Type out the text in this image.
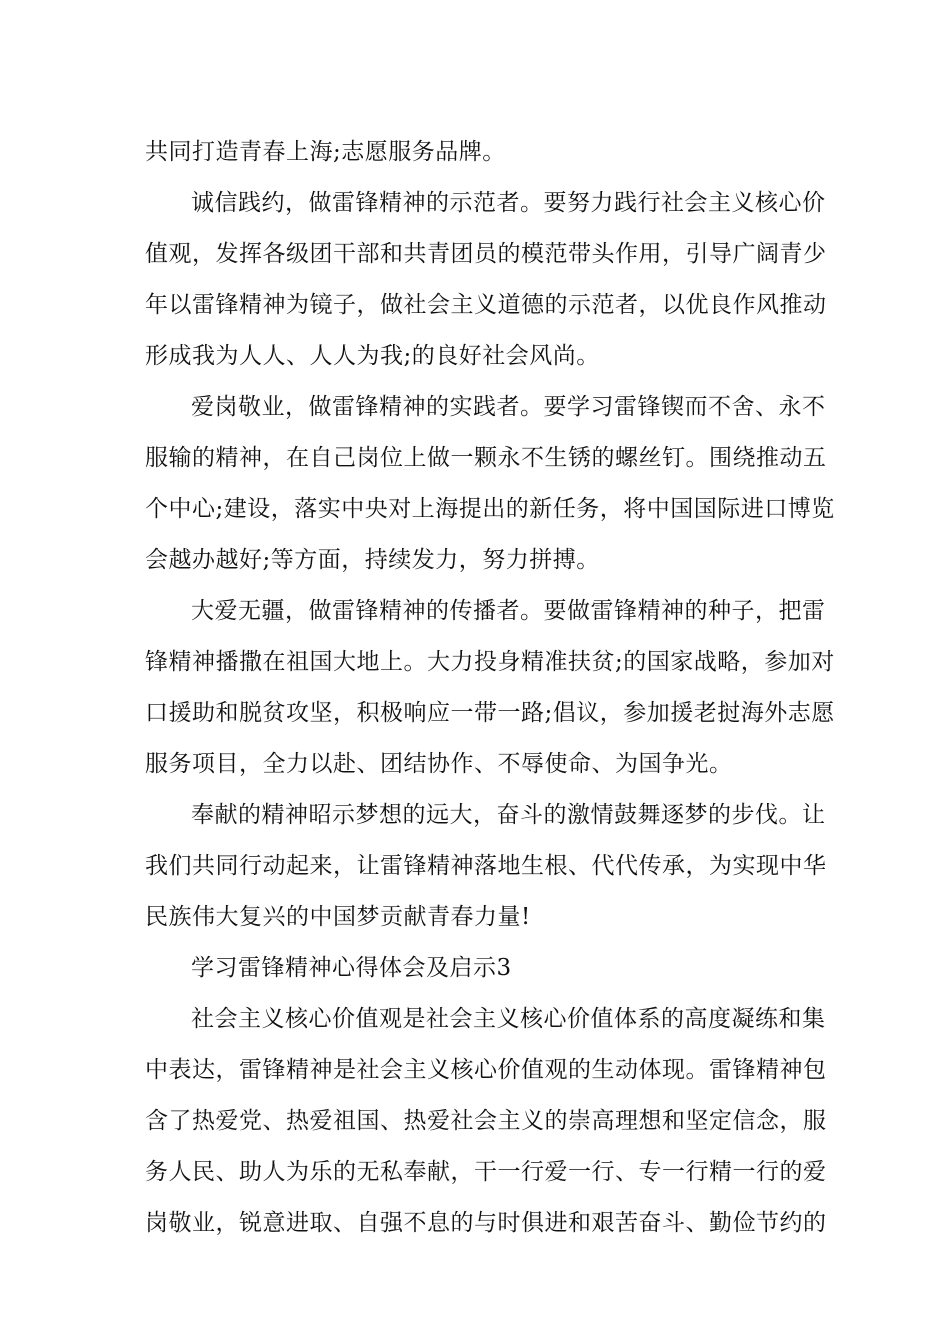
共同打造青春上海;志愿服务品牌。
诚信践约，做雷锋精神的示范者。要努力践行社会主义核心价
值观，发挥各级团干部和共青团员的模范带头作用，引导广阔青少
年以雷锋精神为镜子，做社会主义道德的示范者，以优良作风推动
形成我为人人、人人为我;的良好社会风尚。
爱岗敬业，做雷锋精神的实践者。要学习雷锋锲而不舍、永不
服输的精神，在自己岗位上做一颗永不生锈的螺丝钉。围绕推动五
个中心;建设，落实中央对上海提出的新任务，将中国国际进口博览
会越办越好;等方面，持续发力，努力拼搏。
大爱无疆，做雷锋精神的传播者。要做雷锋精神的种子，把雷
锋精神播撒在祖国大地上。大力投身精准扶贫;的国家战略，参加对
口援助和脱贫攻坚，积极响应一带一路;倡议，参加援老挝海外志愿
服务项目，全力以赴、团结协作、不辱使命、为国争光。
奉献的精神昭示梦想的远大，奋斗的激情鼓舞逐梦的步伐。让
我们共同行动起来，让雷锋精神落地生根、代代传承，为实现中华
民族伟大复兴的中国梦贡献青春力量!
学习雷锋精神心得体会及启示3
社会主义核心价值观是社会主义核心价值体系的高度凝练和集
中表达，雷锋精神是社会主义核心价值观的生动体现。雷锋精神包
含了热爱党、热爱祖国、热爱社会主义的崇高理想和坚定信念，服
务人民、助人为乐的无私奉献，干一行爱一行、专一行精一行的爱
岗敬业，锐意进取、自强不息的与时俱进和艰苦奋斗、勤俭节约的
